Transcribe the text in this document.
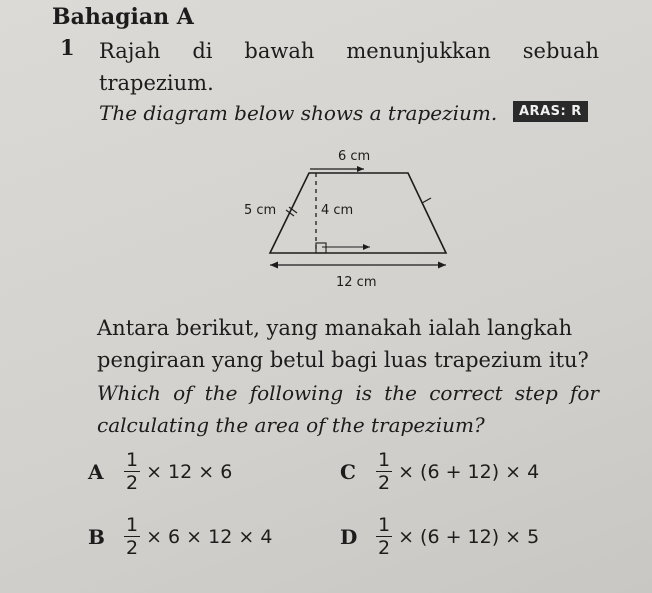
Bahagian A
1 Rajah di bawah menunjukkan sebuah trapezium.
The diagram below shows a trapezium.	ARAS: R
6 cm
5 cm	4 cm
12 cm
Antara berikut, yang manakah ialah langkah pengiraan yang betul bagi luas trapezium itu?
Which of the following is the correct step for calculating the area of the trapezium?
A	$\frac{1}{2} \times 12 \times 6$
B	$\frac{1}{2} \times 6 \times 12 \times 4$
C	$\frac{1}{2} \times (6 + 12) \times 4$
D $\frac{1}{2} \times (6 + 12) \times 5$
